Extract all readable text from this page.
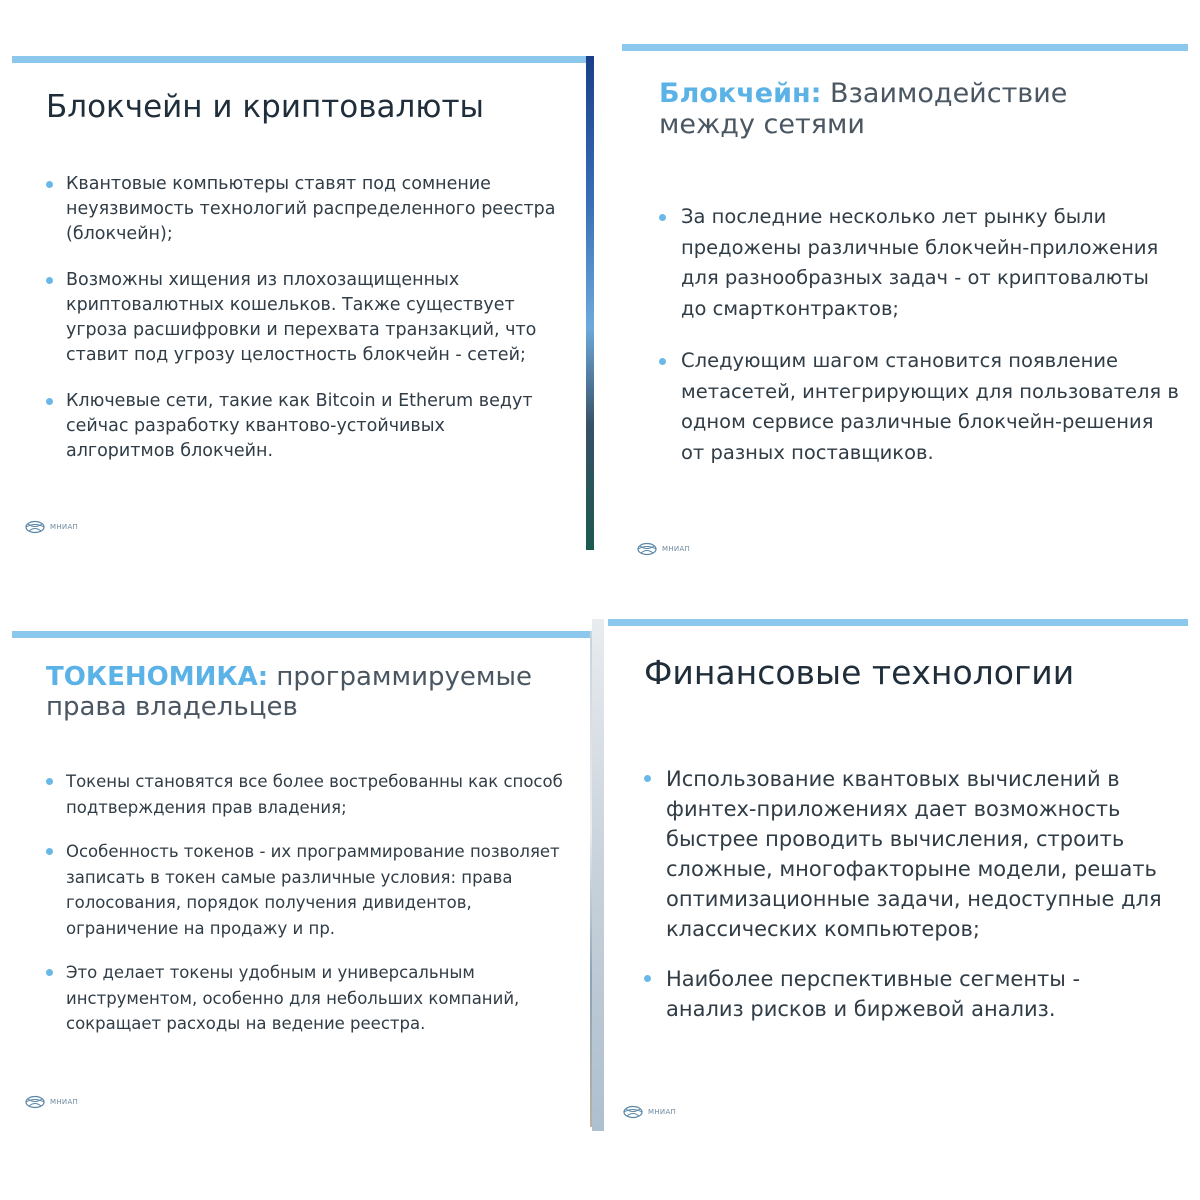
Блокчейн и криптовалюты
Квантовые компьютеры ставят под сомнение неуязвимость технологий распределенного реестра (блокчейн);
Возможны хищения из плохозащищенных криптовалютных кошельков. Также существует угроза расшифровки и перехвата транзакций, что ставит под угрозу целостность блокчейн - сетей;
Ключевые сети, такие как Bitcoin и Etherum ведут сейчас разработку квантово-устойчивых алгоритмов блокчейн.
МНИАП
Блокчейн: Взаимодействие между сетями
За последние несколько лет рынку были предожены различные блокчейн-приложения для разнообразных задач - от криптовалюты до смартконтрактов;
Следующим шагом становится появление метасетей, интегрирующих для пользователя в одном сервисе различные блокчейн-решения от разных поставщиков.
МНИАП
ТОКЕНОМИКА: программируемые права владельцев
Токены становятся все более востребованны как способ подтверждения прав владения;
Особенность токенов - их программирование позволяет записать в токен самые различные условия: права голосования, порядок получения дивидентов, ограничение на продажу и пр.
Это делает токены удобным и универсальным инструментом, особенно для небольших компаний, сокращает расходы на ведение реестра.
МНИАП
Финансовые технологии
Использование квантовых вычислений в финтех-приложениях дает возможность быстрее проводить вычисления, строить сложные, многофакторыне модели, решать оптимизационные задачи, недоступные для классических компьютеров;
Наиболее перспективные сегменты - анализ рисков и биржевой анализ.
МНИАП
